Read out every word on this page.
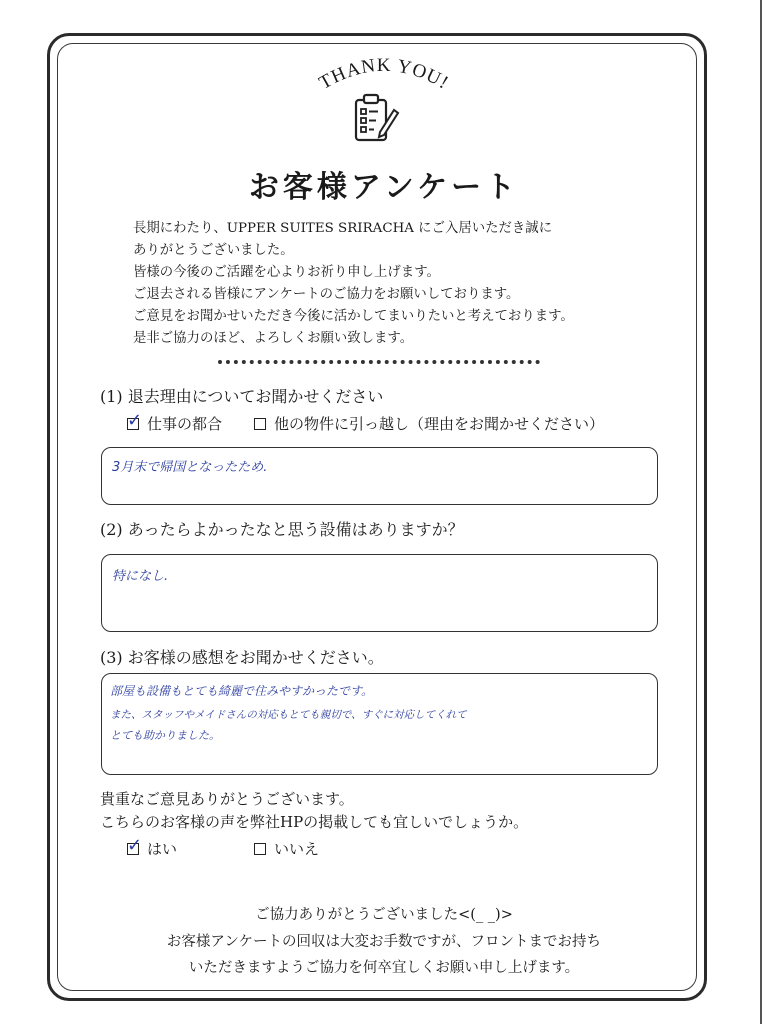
THANK YOU!
お客様アンケート
長期にわたり、UPPER SUITES SRIRACHA にご入居いただき誠に
ありがとうございました。
皆様の今後のご活躍を心よりお祈り申し上げます。
ご退去される皆様にアンケートのご協力をお願いしております。
ご意見をお聞かせいただき今後に活かしてまいりたいと考えております。
是非ご協力のほど、よろしくお願い致します。
(1) 退去理由についてお聞かせください
✓ 仕事の都合	他の物件に引っ越し（理由をお聞かせください）
3月末で帰国となったため.
(2) あったらよかったなと思う設備はありますか？
特になし.
(3) お客様の感想をお聞かせください。
部屋も設備もとても綺麗で住みやすかったです。
また、スタッフやメイドさんの対応もとても親切で、すぐに対応してくれて
とても助かりました。
貴重なご意見ありがとうございます。
こちらのお客様の声を弊社HPの掲載しても宜しいでしょうか。
✓ はい	いいえ
ご協力ありがとうございました<(_ _)>
お客様アンケートの回収は大変お手数ですが、フロントまでお持ち
いただきますようご協力を何卒宜しくお願い申し上げます。
